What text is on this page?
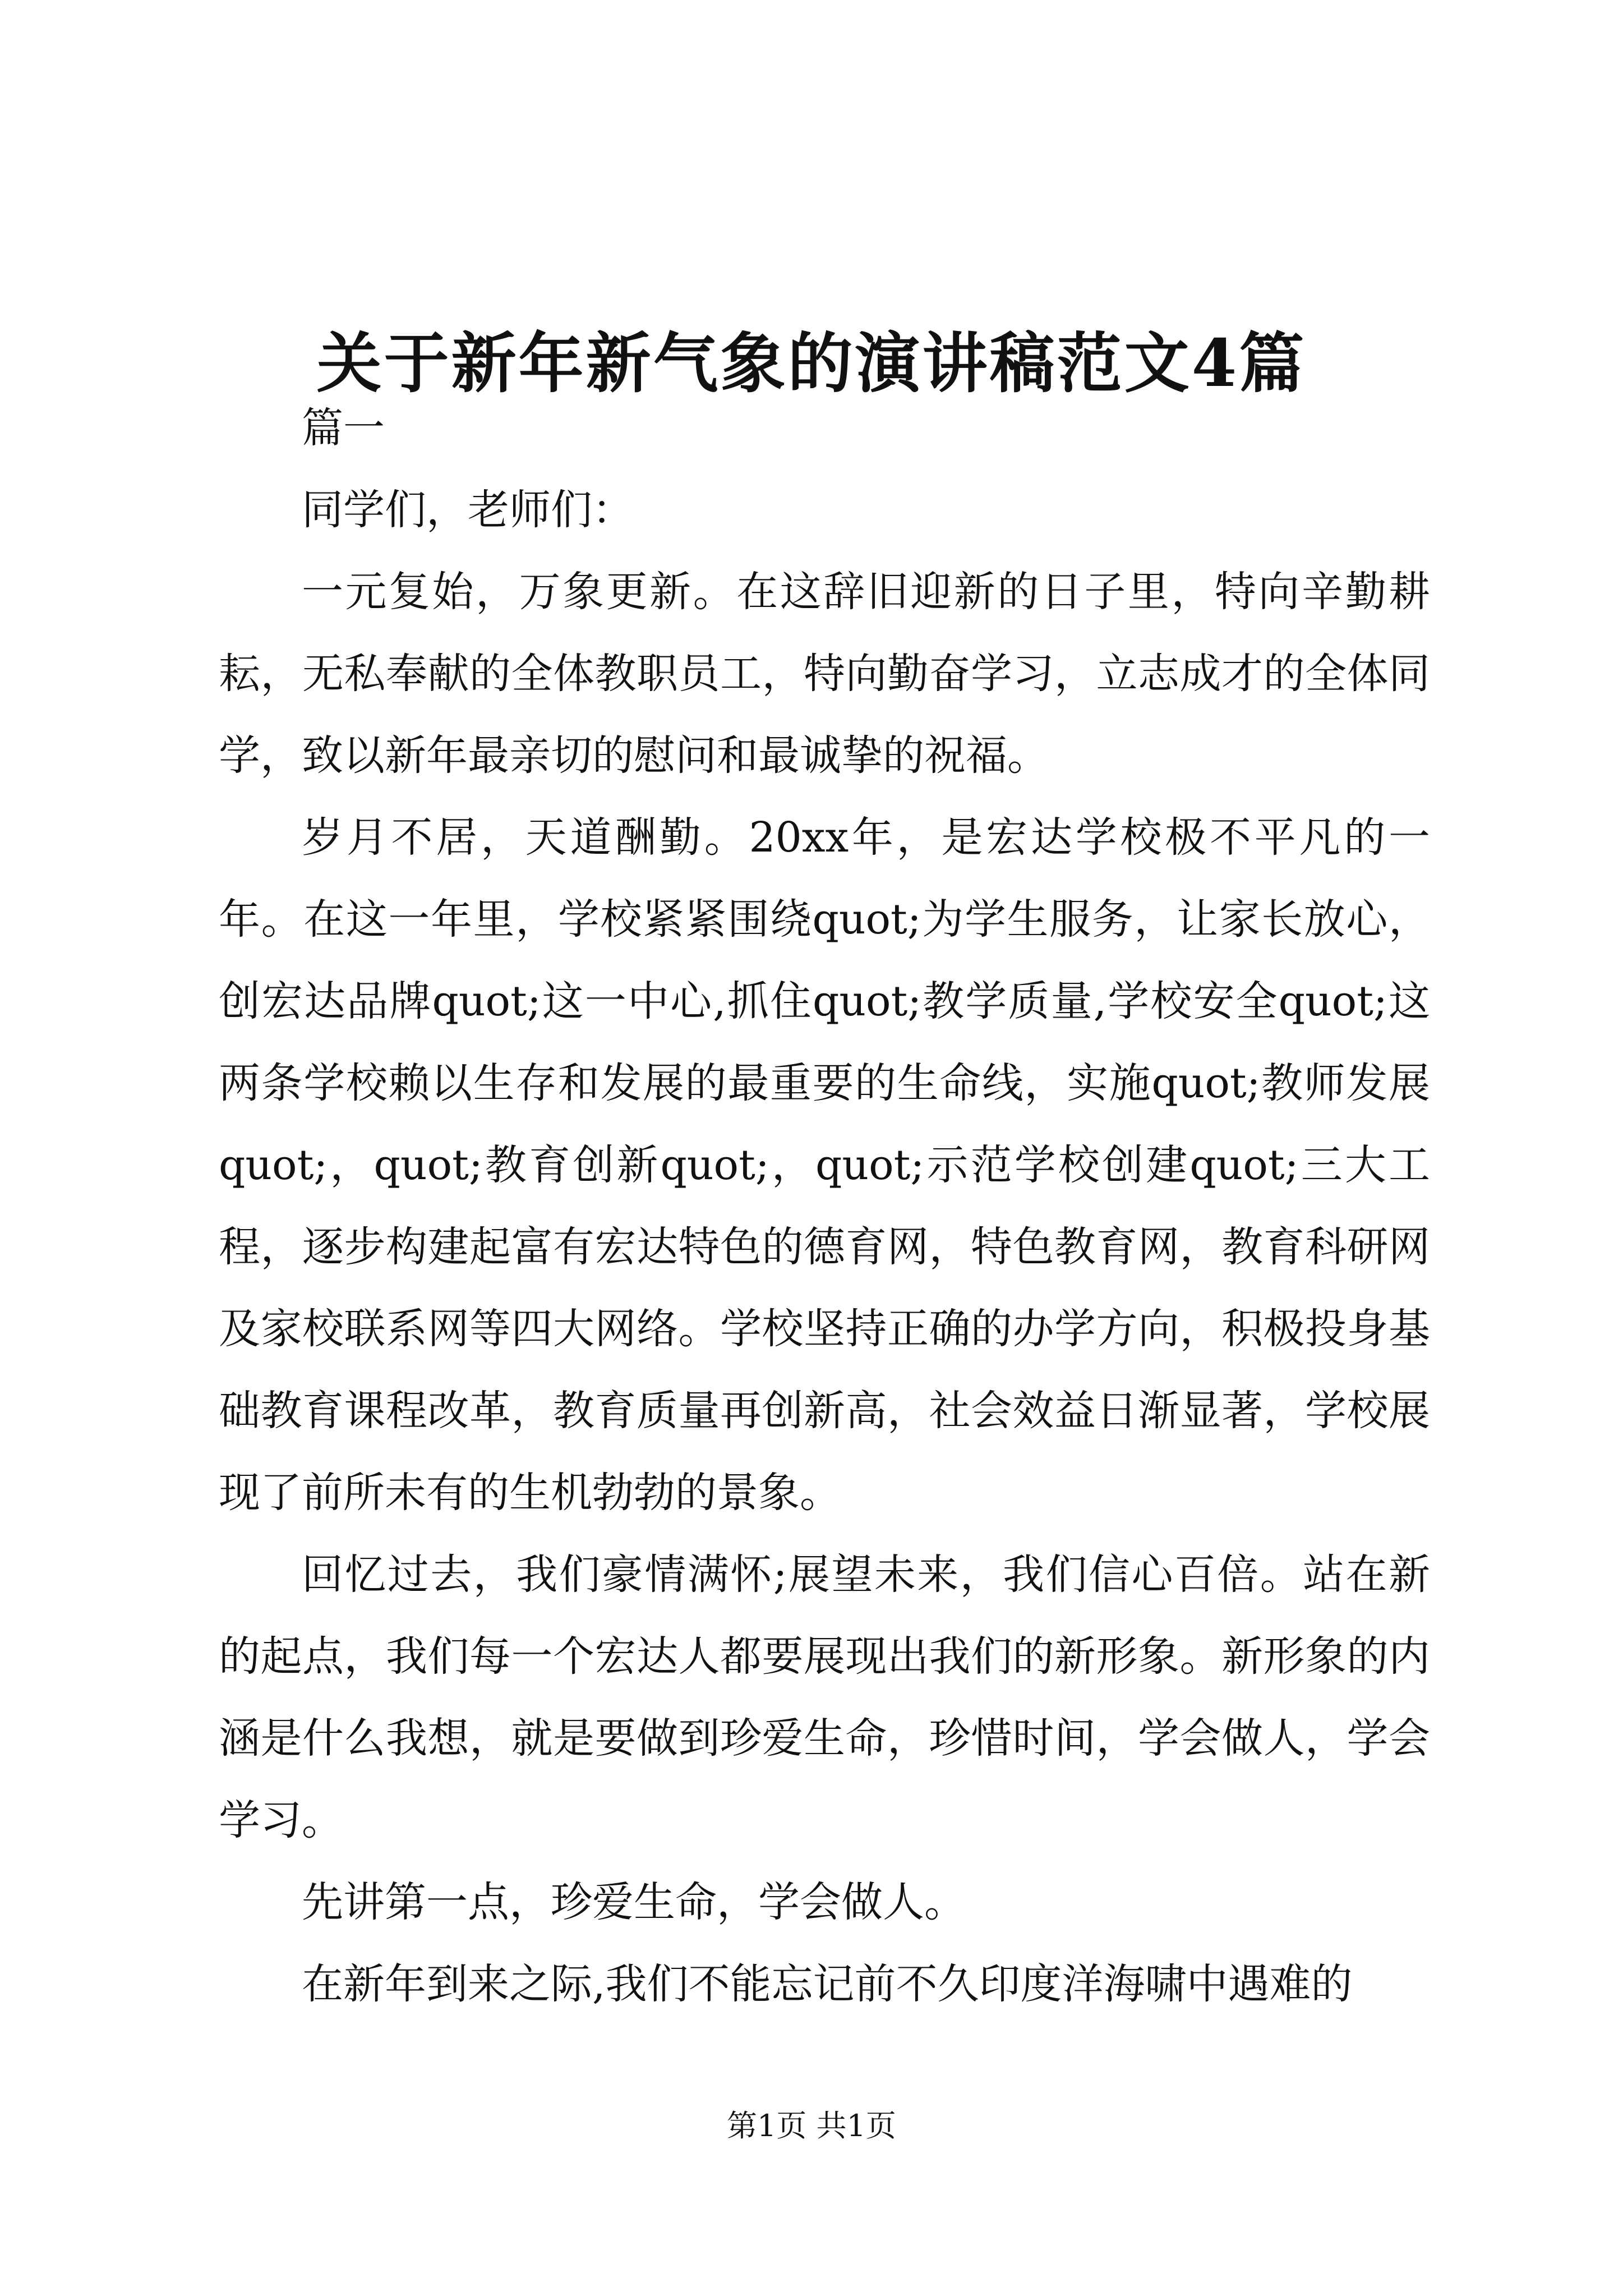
关于新年新气象的演讲稿范文4篇

篇一

同学们，老师们：

一元复始，万象更新。在这辞旧迎新的日子里，特向辛勤耕耘，无私奉献的全体教职员工，特向勤奋学习，立志成才的全体同学，致以新年最亲切的慰问和最诚挚的祝福。

岁月不居，天道酬勤。20xx年，是宏达学校极不平凡的一年。在这一年里，学校紧紧围绕quot;为学生服务，让家长放心，创宏达品牌quot;这一中心,抓住quot;教学质量,学校安全quot;这两条学校赖以生存和发展的最重要的生命线，实施quot;教师发展quot;，quot;教育创新quot;，quot;示范学校创建quot;三大工程，逐步构建起富有宏达特色的德育网，特色教育网，教育科研网及家校联系网等四大网络。学校坚持正确的办学方向，积极投身基础教育课程改革，教育质量再创新高，社会效益日渐显著，学校展现了前所未有的生机勃勃的景象。

回忆过去，我们豪情满怀;展望未来，我们信心百倍。站在新的起点，我们每一个宏达人都要展现出我们的新形象。新形象的内涵是什么我想，就是要做到珍爱生命，珍惜时间，学会做人，学会学习。

先讲第一点，珍爱生命，学会做人。

在新年到来之际,我们不能忘记前不久印度洋海啸中遇难的

第1页 共1页
